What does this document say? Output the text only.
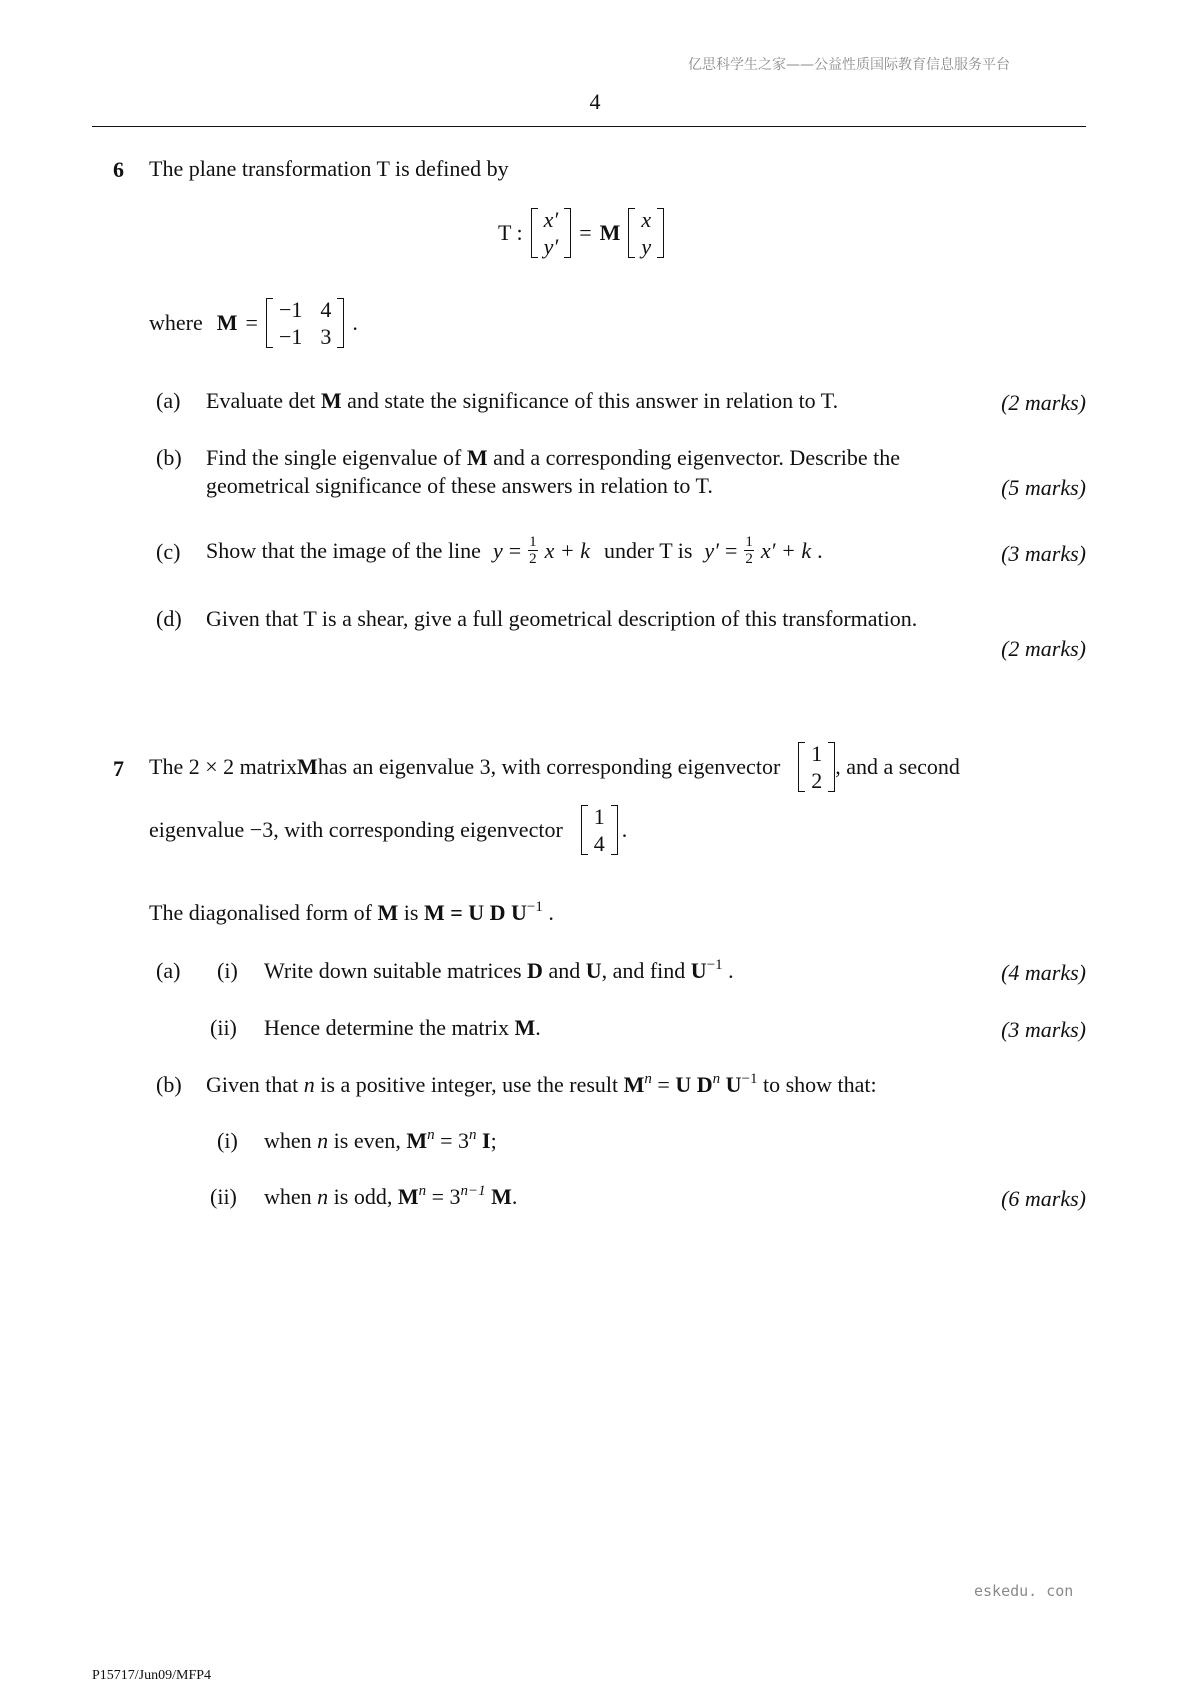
亿思科学生之家——公益性质国际教育信息服务平台
4
6 The plane transformation T is defined by
T :
x′
y′
= M
x
y
where M =
−1 4
−1 3
.
(a) Evaluate det M and state the significance of this answer in relation to T.	(2 marks)
(b) Find the single eigenvalue of M and a corresponding eigenvector. Describe the
geometrical significance of these answers in relation to T.	(5 marks)
(c) Show that the image of the line $y = \frac{1}{2}$ x + k under T is $y' = \frac{1}{2} x' + k$ .	(3 marks)
(d) Given that T is a shear, give a full geometrical description of this transformation.
(2 marks)
7 The 2 × 2 matrix M has an eigenvalue 3, with corresponding eigenvector
1
2
, and a second
eigenvalue −3, with corresponding eigenvector
1
4
.
The diagonalised form of M is M = U D $U^{-1}$ .
(a) (i) Write down suitable matrices D and U, and find $U^{-1}$ .	(4 marks)
(ii) Hence determine the matrix M.	(3 marks)
(b) Given that n is a positive integer, use the result $M^n = U$ $D^n$ $U^{-1}$ to show that:
(i) when n is even, $M^n = 3^n$ I;
(ii) when n is odd, $M^n = 3^{n-1}$ M.	(6 marks)
eskedu. con
P15717/Jun09/MFP4
